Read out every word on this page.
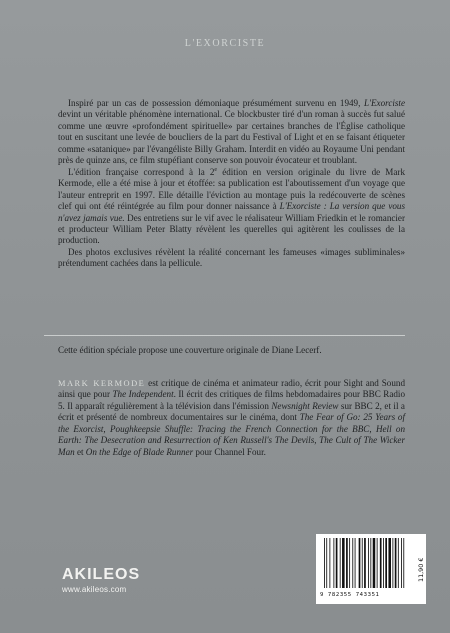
L'EXORCISTE

Inspiré par un cas de possession démoniaque présumément survenu en 1949, L'Exorciste devint un véritable phénomène international. Ce blockbuster tiré d'un roman à succès fut salué comme une œuvre «profondément spirituelle» par certaines branches de l'Église catholique tout en suscitant une levée de boucliers de la part du Festival of Light et en se faisant étiqueter comme «satanique» par l'évangéliste Billy Graham. Interdit en vidéo au Royaume Uni pendant près de quinze ans, ce film stupéfiant conserve son pouvoir évocateur et troublant.

L'édition française correspond à la 2e édition en version originale du livre de Mark Kermode, elle a été mise à jour et étoffée: sa publication est l'aboutissement d'un voyage que l'auteur entreprit en 1997. Elle détaille l'éviction au montage puis la redécouverte de scènes clef qui ont été réintégrée au film pour donner naissance à L'Exorciste : La version que vous n'avez jamais vue. Des entretiens sur le vif avec le réalisateur William Friedkin et le romancier et producteur William Peter Blatty révèlent les querelles qui agitèrent les coulisses de la production.

Des photos exclusives révèlent la réalité concernant les fameuses «images subliminales» prétendument cachées dans la pellicule.

Cette édition spéciale propose une couverture originale de Diane Lecerf.
MARK KERMODE est critique de cinéma et animateur radio, écrit pour Sight and Sound ainsi que pour The Independent. Il écrit des critiques de films hebdomadaires pour BBC Radio 5. Il apparaît régulièrement à la télévision dans l'émission Newsnight Review sur BBC 2, et il a écrit et présenté de nombreux documentaires sur le cinéma, dont The Fear of Go: 25 Years of the Exorcist, Poughkeepsie Shuffle: Tracing the French Connection for the BBC, Hell on Earth: The Desecration and Resurrection of Ken Russell's The Devils, The Cult of The Wicker Man et On the Edge of Blade Runner pour Channel Four.
AKILEOS
www.akileos.com
9 782355 743351
11,90 €
